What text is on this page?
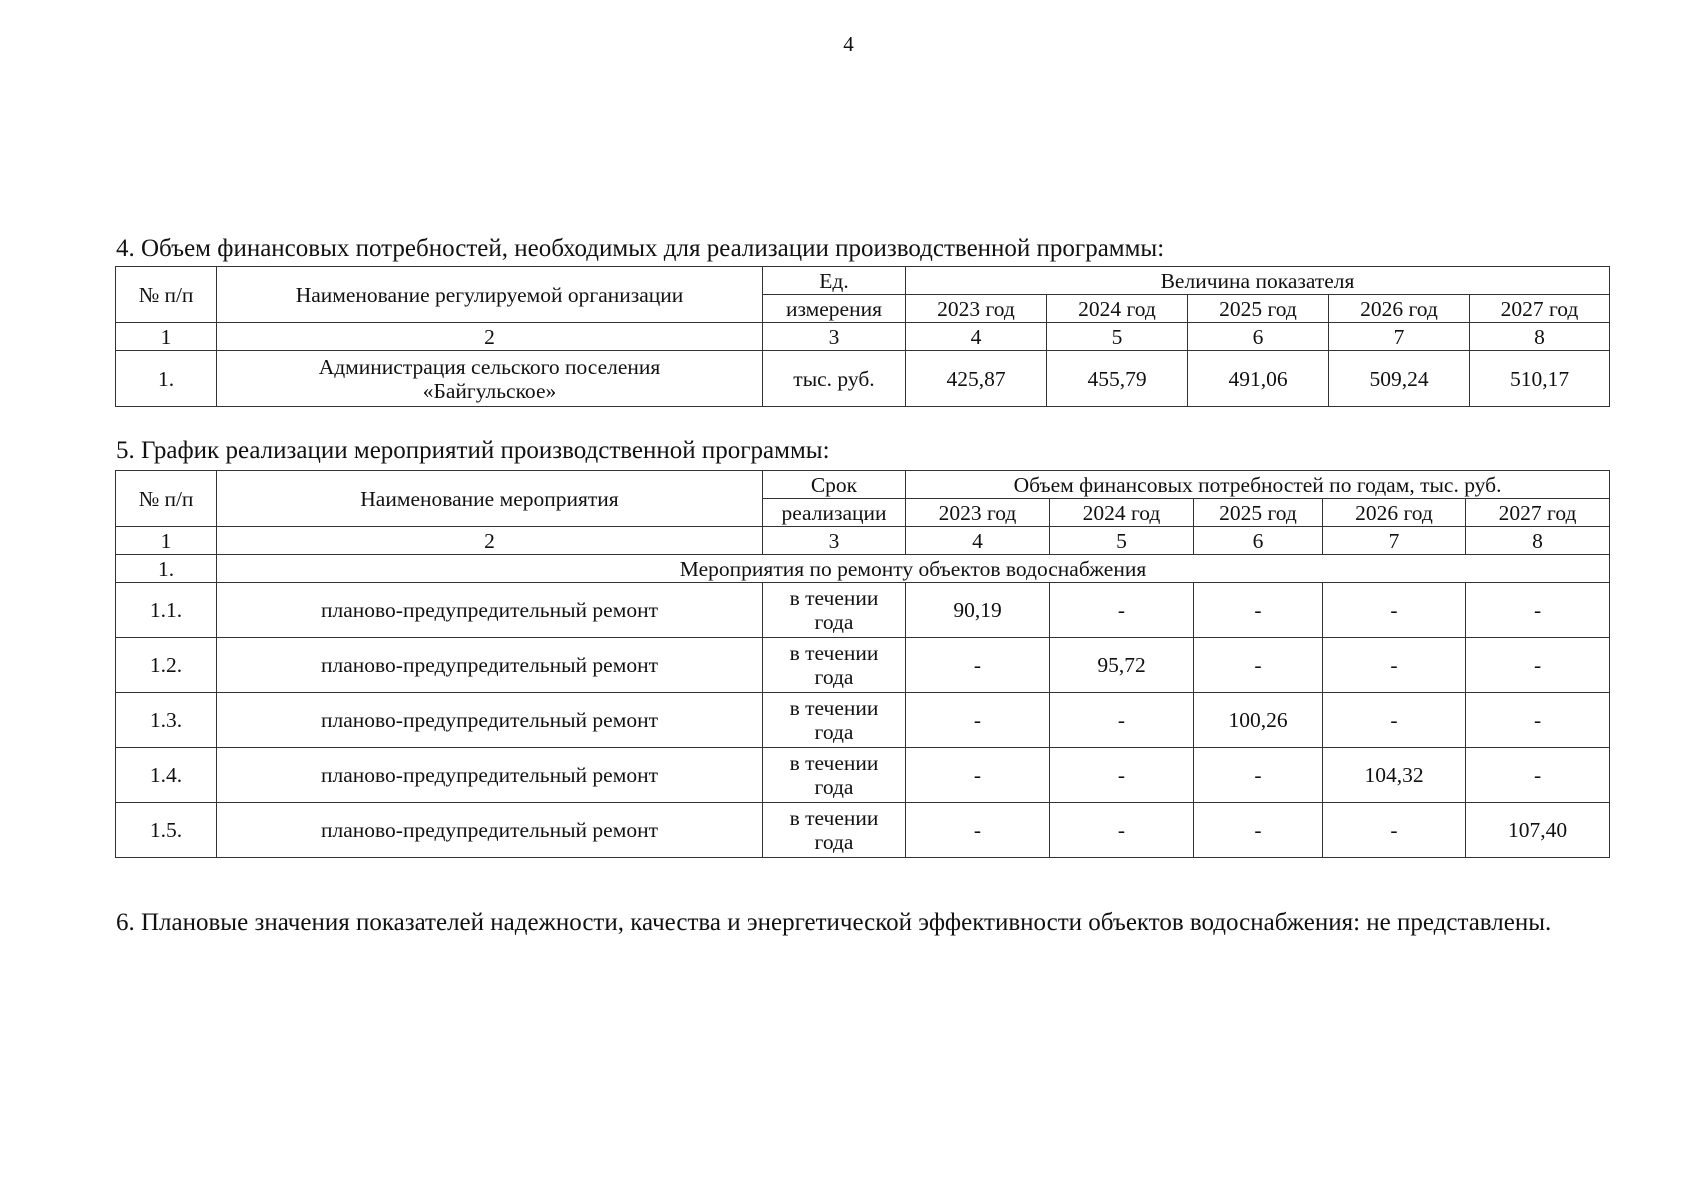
4
4. Объем финансовых потребностей, необходимых для реализации производственной программы:
№ п/п	Наименование регулируемой организации	Ед.	Величина показателя				
		измерения	2023 год	2024 год	2025 год	2026 год	2027 год
1	2	3	4	5	6	7	8
1.	Администрация сельского поселения
«Байгульское»	тыс. руб.	425,87	455,79	491,06	509,24	510,17
5. График реализации мероприятий производственной программы:
№ п/п	Наименование мероприятия	Срок	Объем финансовых потребностей по годам, тыс. руб.				
		реализации	2023 год	2024 год	2025 год	2026 год	2027 год
1	2	3	4	5	6	7	8
1.	Мероприятия по ремонту объектов водоснабжения						
1.1.	планово-предупредительный ремонт	в течении
года	90,19	-	-	-	-
1.2.	планово-предупредительный ремонт	в течении
года	-	95,72	-	-	-
1.3.	планово-предупредительный ремонт	в течении
года	-	-	100,26	-	-
1.4.	планово-предупредительный ремонт	в течении
года	-	-	-	104,32	-
1.5.	планово-предупредительный ремонт	в течении
года	-	-	-	-	107,40
6. Плановые значения показателей надежности, качества и энергетической эффективности объектов водоснабжения: не представлены.
